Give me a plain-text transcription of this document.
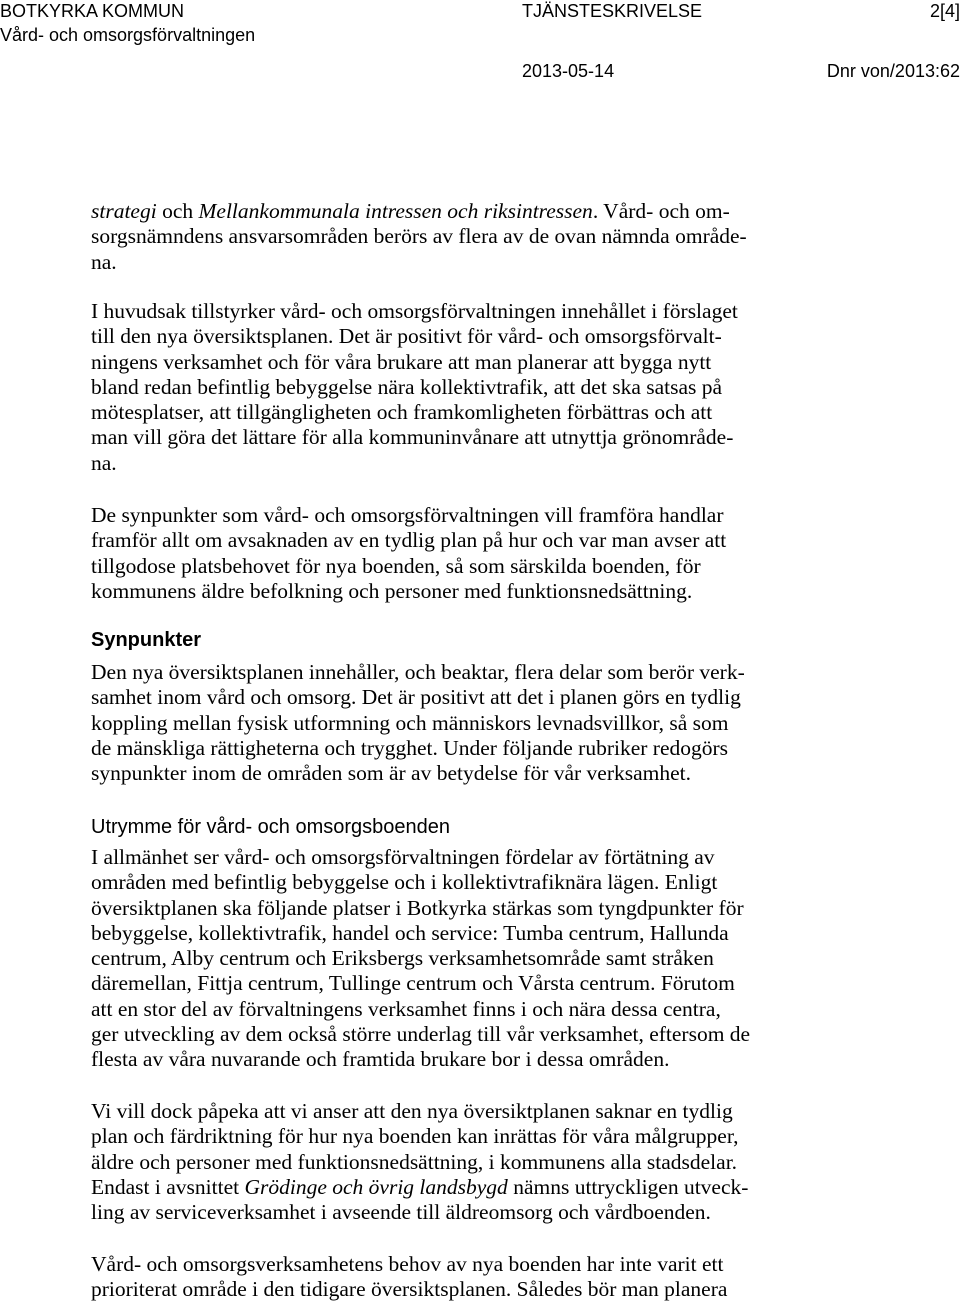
BOTKYRKA KOMMUN	TJÄNSTESKRIVELSE	2[4]
Vård- och omsorgsförvaltningen
2013-05-14	Dnr von/2013:62
strategi och Mellankommunala intressen och riksintressen. Vård- och om-
sorgsnämndens ansvarsområden berörs av flera av de ovan nämnda område-
na.
I huvudsak tillstyrker vård- och omsorgsförvaltningen innehållet i förslaget
till den nya översiktsplanen. Det är positivt för vård- och omsorgsförvalt-
ningens verksamhet och för våra brukare att man planerar att bygga nytt
bland redan befintlig bebyggelse nära kollektivtrafik, att det ska satsas på
mötesplatser, att tillgängligheten och framkomligheten förbättras och att
man vill göra det lättare för alla kommuninvånare att utnyttja grönområde-
na.
De synpunkter som vård- och omsorgsförvaltningen vill framföra handlar
framför allt om avsaknaden av en tydlig plan på hur och var man avser att
tillgodose platsbehovet för nya boenden, så som särskilda boenden, för
kommunens äldre befolkning och personer med funktionsnedsättning.
Synpunkter
Den nya översiktsplanen innehåller, och beaktar, flera delar som berör verk-
samhet inom vård och omsorg. Det är positivt att det i planen görs en tydlig
koppling mellan fysisk utformning och människors levnadsvillkor, så som
de mänskliga rättigheterna och trygghet. Under följande rubriker redogörs
synpunkter inom de områden som är av betydelse för vår verksamhet.
Utrymme för vård- och omsorgsboenden
I allmänhet ser vård- och omsorgsförvaltningen fördelar av förtätning av
områden med befintlig bebyggelse och i kollektivtrafiknära lägen. Enligt
översiktplanen ska följande platser i Botkyrka stärkas som tyngdpunkter för
bebyggelse, kollektivtrafik, handel och service: Tumba centrum, Hallunda
centrum, Alby centrum och Eriksbergs verksamhetsområde samt stråken
däremellan, Fittja centrum, Tullinge centrum och Vårsta centrum. Förutom
att en stor del av förvaltningens verksamhet finns i och nära dessa centra,
ger utveckling av dem också större underlag till vår verksamhet, eftersom de
flesta av våra nuvarande och framtida brukare bor i dessa områden.
Vi vill dock påpeka att vi anser att den nya översiktplanen saknar en tydlig
plan och färdriktning för hur nya boenden kan inrättas för våra målgrupper,
äldre och personer med funktionsnedsättning, i kommunens alla stadsdelar.
Endast i avsnittet Grödinge och övrig landsbygd nämns uttryckligen utveck-
ling av serviceverksamhet i avseende till äldreomsorg och vårdboenden.
Vård- och omsorgsverksamhetens behov av nya boenden har inte varit ett
prioriterat område i den tidigare översiktsplanen. Således bör man planera
